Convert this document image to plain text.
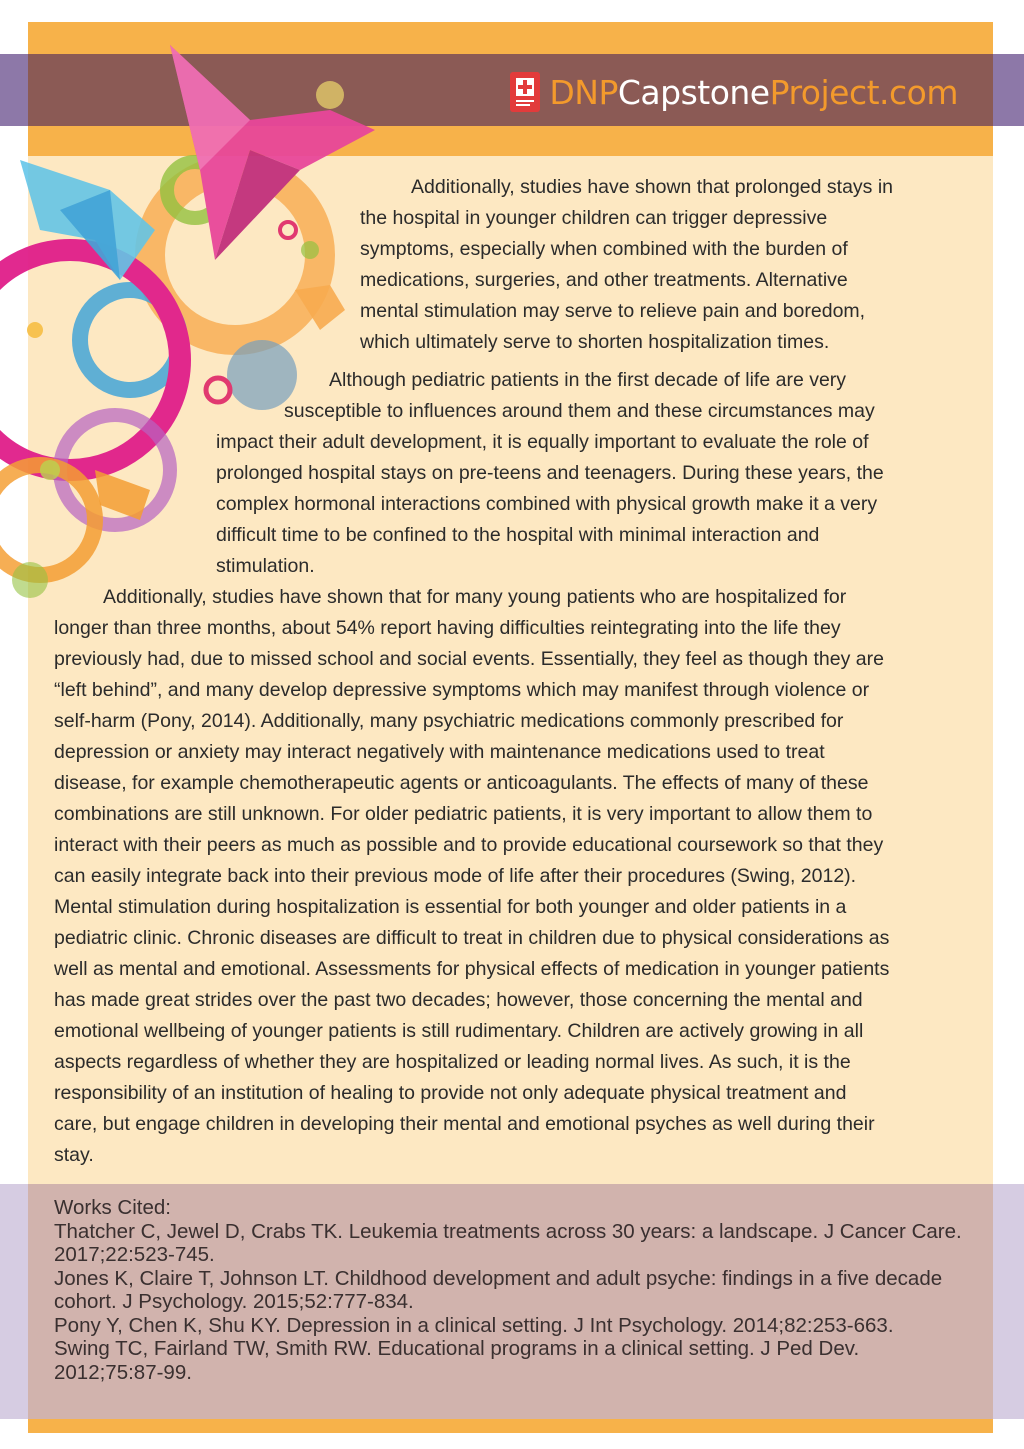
DNPCapstoneProject.com
Additionally, studies have shown that prolonged stays in
the hospital in younger children can trigger depressive
symptoms, especially when combined with the burden of
medications, surgeries, and other treatments. Alternative
mental stimulation may serve to relieve pain and boredom,
which ultimately serve to shorten hospitalization times.
Although pediatric patients in the first decade of life are very
susceptible to influences around them and these circumstances may
impact their adult development, it is equally important to evaluate the role of
prolonged hospital stays on pre-teens and teenagers. During these years, the
complex hormonal interactions combined with physical growth make it a very
difficult time to be confined to the hospital with minimal interaction and
stimulation.
Additionally, studies have shown that for many young patients who are hospitalized for
longer than three months, about 54% report having difficulties reintegrating into the life they
previously had, due to missed school and social events. Essentially, they feel as though they are
“left behind”, and many develop depressive symptoms which may manifest through violence or
self-harm (Pony, 2014). Additionally, many psychiatric medications commonly prescribed for
depression or anxiety may interact negatively with maintenance medications used to treat
disease, for example chemotherapeutic agents or anticoagulants. The effects of many of these
combinations are still unknown. For older pediatric patients, it is very important to allow them to
interact with their peers as much as possible and to provide educational coursework so that they
can easily integrate back into their previous mode of life after their procedures (Swing, 2012).
Mental stimulation during hospitalization is essential for both younger and older patients in a
pediatric clinic. Chronic diseases are difficult to treat in children due to physical considerations as
well as mental and emotional. Assessments for physical effects of medication in younger patients
has made great strides over the past two decades; however, those concerning the mental and
emotional wellbeing of younger patients is still rudimentary. Children are actively growing in all
aspects regardless of whether they are hospitalized or leading normal lives. As such, it is the
responsibility of an institution of healing to provide not only adequate physical treatment and
care, but engage children in developing their mental and emotional psyches as well during their
stay.

Works Cited:

Thatcher C, Jewel D, Crabs TK. Leukemia treatments across 30 years: a landscape. J Cancer Care. 2017;22:523-745.

Jones K, Claire T, Johnson LT. Childhood development and adult psyche: findings in a five decade cohort. J Psychology. 2015;52:777-834.

Pony Y, Chen K, Shu KY. Depression in a clinical setting. J Int Psychology. 2014;82:253-663.

Swing TC, Fairland TW, Smith RW. Educational programs in a clinical setting. J Ped Dev. 2012;75:87-99.
